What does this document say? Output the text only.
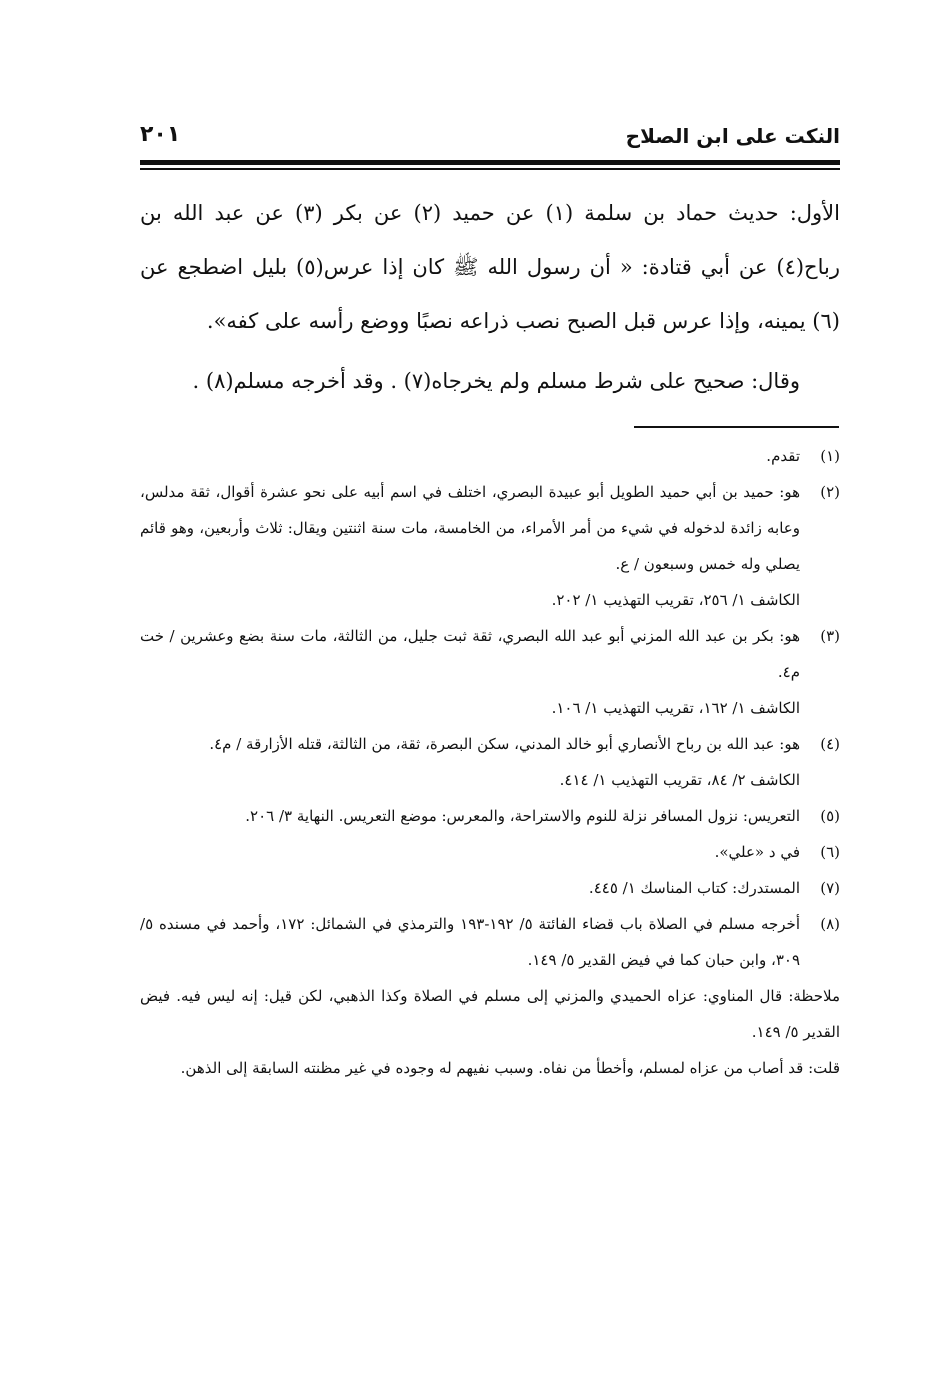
النكت على ابن الصلاح
٢٠١

الأول: حديث حماد بن سلمة (١) عن حميد (٢) عن بكر (٣) عن عبد الله بن رباح(٤) عن أبي قتادة: « أن رسول الله ﷺ كان إذا عرس(٥) بليل اضطجع عن (٦) يمينه، وإذا عرس قبل الصبح نصب ذراعه نصبًا ووضع رأسه على كفه».

وقال: صحيح على شرط مسلم ولم يخرجاه(٧) . وقد أخرجه مسلم(٨) .

(١)

تقدم.

(٢)

هو: حميد بن أبي حميد الطويل أبو عبيدة البصري، اختلف في اسم أبيه على نحو عشرة أقوال، ثقة مدلس، وعابه زائدة لدخوله في شيء من أمر الأمراء، من الخامسة، مات سنة اثنتين ويقال: ثلاث وأربعين، وهو قائم يصلي وله خمس وسبعون / ع.

الكاشف ١/ ٢٥٦، تقريب التهذيب ١/ ٢٠٢.

(٣)

هو: بكر بن عبد الله المزني أبو عبد الله البصري، ثقة ثبت جليل، من الثالثة، مات سنة بضع وعشرين / خت م٤.

الكاشف ١/ ١٦٢، تقريب التهذيب ١/ ١٠٦.

(٤)

هو: عبد الله بن رباح الأنصاري أبو خالد المدني، سكن البصرة، ثقة، من الثالثة، قتله الأزارقة / م٤.

الكاشف ٢/ ٨٤، تقريب التهذيب ١/ ٤١٤.

(٥)

التعريس: نزول المسافر نزلة للنوم والاستراحة، والمعرس: موضع التعريس. النهاية ٣/ ٢٠٦.

(٦)

في د «علي».

(٧)

المستدرك: كتاب المناسك ١/ ٤٤٥.

(٨)

أخرجه مسلم في الصلاة باب قضاء الفائتة ٥/ ١٩٢-١٩٣ والترمذي في الشمائل: ١٧٢، وأحمد في مسنده ٥/ ٣٠٩، وابن حبان كما في فيض القدير ٥/ ١٤٩.

ملاحظة: قال المناوي: عزاه الحميدي والمزني إلى مسلم في الصلاة وكذا الذهبي، لكن قيل: إنه ليس فيه. فيض القدير ٥/ ١٤٩.

قلت: قد أصاب من عزاه لمسلم، وأخطأ من نفاه. وسبب نفيهم له وجوده في غير مظنته السابقة إلى الذهن.
